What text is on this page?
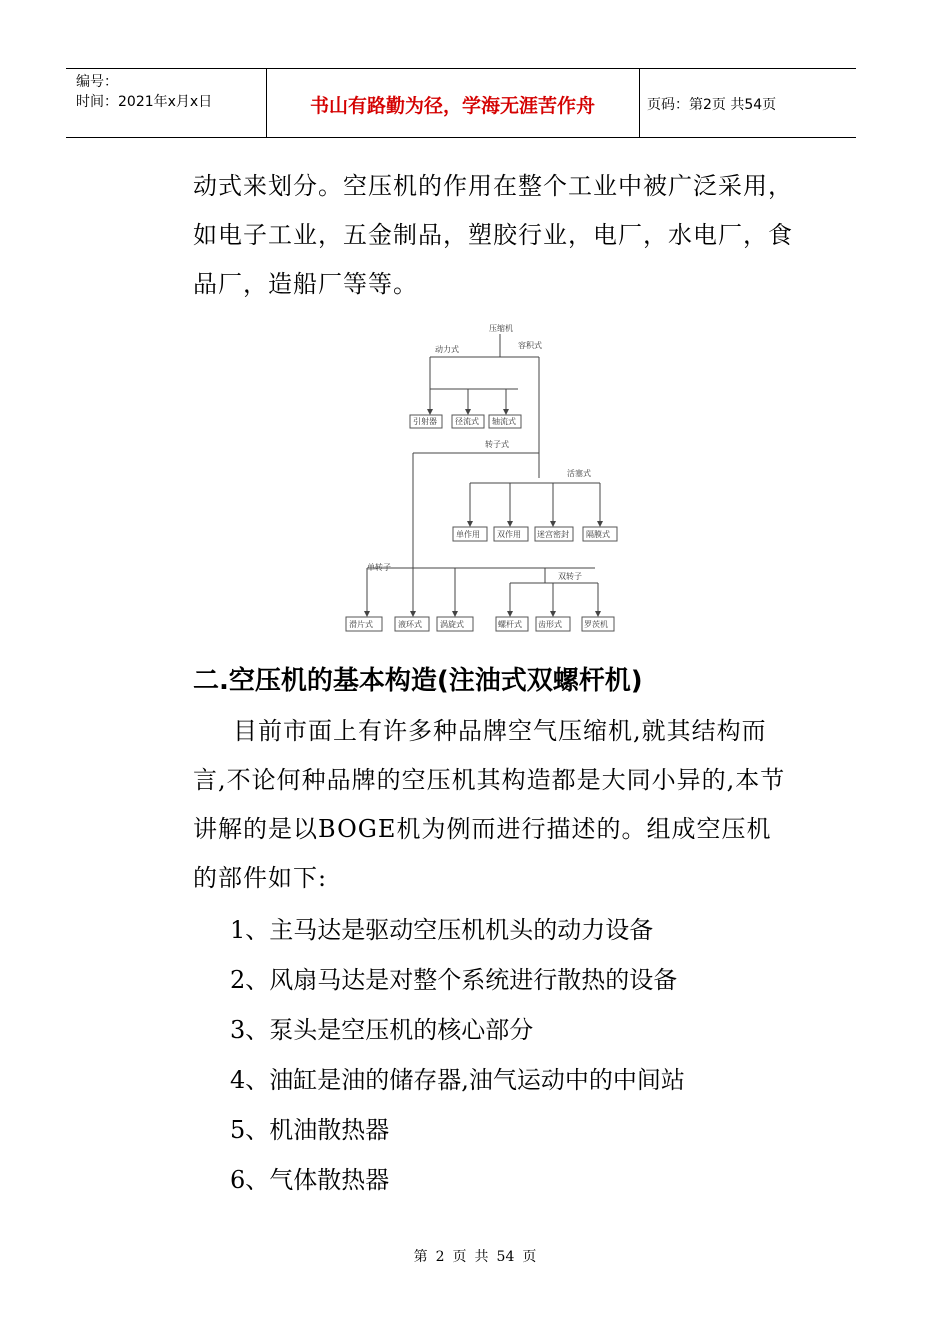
编号：
时间：2021年x月x日	书山有路勤为径，学海无涯苦作舟	页码：第2页 共54页
动式来划分。空压机的作用在整个工业中被广泛采用，如电子工业，五金制品，塑胶行业，电厂，水电厂，食品厂，造船厂等等。
压缩机
动力式	容积式
转子式
活塞式
单转子
双转子
引射器 径流式 轴流式
单作用 双作用 迷宫密封 隔膜式
滑片式	液环式 涡旋式	螺杆式 齿形式	罗茨机
二.空压机的基本构造(注油式双螺杆机)
目前市面上有许多种品牌空气压缩机,就其结构而言,不论何种品牌的空压机其构造都是大同小异的,本节讲解的是以BOGE机为例而进行描述的。组成空压机的部件如下:
1、主马达是驱动空压机机头的动力设备
2、风扇马达是对整个系统进行散热的设备
3、泵头是空压机的核心部分
4、油缸是油的储存器,油气运动中的中间站
5、机油散热器
6、气体散热器
第 2 页 共 54 页
